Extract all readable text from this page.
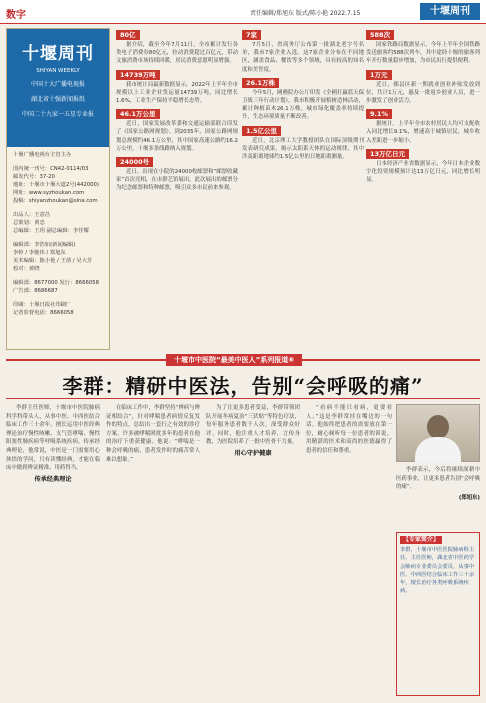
数字	责任编辑/郑旭东 版式/陈小艳 2022.7.15	十堰周刊
十堰周刊
SHIYAN WEEKLY
中国十大广播电视报
湖北省十强新闻报纸
中国二十九家一五星专业报
十堰广播电视台主管主办
国内统一刊号：CN42-0114/03
邮发代号：37-20
地址：十堰市十堰大道2号(442000)
网址：www.syzhoukan.com
投稿：shiyanzhoukan@sina.com
出品人：王意昌
总策划：黄忠
总编辑：王玥 副总编辑：李佳耀
编辑部：李浩如(新闻编辑)
李婷 / 李驰伟 / 郑旭东
美术编辑：陈小艳 / 王倩 / 吴大芳
校对：黄晓
编辑部：8677000 发行：8666058
广告部：8686687
印刷：十堰日报社印刷厂
记者监督电话：8666058
80亿

据介绍，截至今年7月11日，全市累计发行各类电子消费券80亿元，拉动消费超过百亿元，带动文旅消费市场持续回暖，居民消费意愿明显增强。

14739万吨

我市统计局最新数据显示，2022年上半年全市规模以上工业企业货运量14739万吨，同比增长1.6%，工业生产保持平稳增长态势。

46.1万公里

近日，国家发展改革委和交通运输部联合印发了《国家公路网规划》。到2035年，国家公路网规划总规模约46.1万公里，其中国家高速公路约16.2万公里，十堰多条线路纳入规划。

24000号

近日，出现在小院的24000枚邮票和“邮票收藏家”首次亮相，在市群艺馆展出。此次展出的邮票分为纪念邮票和特种邮票，吸引众多市民前来参观。

7家

7月5日，省商务厅公布第一批湖北老字号名单，我市7家企业入选。这7家企业分布在不同地区，涵盖食品、餐饮等多个领域，具有较高的知名度和美誉度。

26.1万株

今年5月，國務院办公厅印发《全國打赢蓝天保卫战三年行动计划》，我市积极开展植树造林活动，累计种植苗木26.1万株，城市绿化覆盖率持续提升，生态环境质量不断改善。

1.5亿公里

近日，北京理工大学教授团队在国际顶级期刊发表研究成果，揭示太阳系天体的运动规律，其中涉及距离地球约1.5亿公里的日地距离测量。

588次

国家铁路局数据显示，今年上半年全国铁路发送旅客约588次列车，其中途经十堰的旅客列车开行数量稳步增加，为市民出行提供便利。

1万元

近日，郧县区新一期就业创业补贴发放到位，共计1万元，惠及一批返乡创业人员，进一步激发了创业活力。

9.1%

据统计，上半年全市农村居民人均可支配收入同比增长9.1%，增速高于城镇居民，城乡收入差距进一步缩小。

13万亿日元

日本经济产业省数据显示，今年日本企业数字化投资规模预计达13万亿日元，同比增长明显。

十堰市中医院“最美中医人”系列报道⑥
李群：精研中医法，告别“会呼吸的痛”

李群主任医师，十堰市中医院肺病科学科带头人，从事中医、中西医结合临床工作三十余年，擅长运用中医经典理论治疗慢性咳嗽、支气管哮喘、慢性阻塞性肺疾病等呼吸系统疾病。传承经典理论，他常说，中医是一门需要用心体悟的学问，只有读懂经典，才能在临床中做到辨证精准、用药得当。

传承经典理论

在临床工作中，李群坚持“辨病与辨证相结合”，针对哮喘患者病情反复发作的特点，总结出一套行之有效的诊疗方案，许多被哮喘困扰多年的患者在他的治疗下重获健康。他说：“哮喘是一种会呼吸的痛，患者发作时的痛苦常人难以想象。”

为了让更多患者受益，李群带领团队开展冬病夏治“三伏贴”等特色疗法，每年服务患者数千人次，深受群众好评。同时，他注重人才培养，言传身教，为医院培养了一批中医骨干力量。

用心守护健康

“看病不能只看病，更要看人。”这是李群常挂在嘴边的一句话。他始终把患者的需要放在第一位，耐心倾听每一位患者的诉说，用精湛的医术和高尚的医德赢得了患者的信任和尊重。

李群表示，今后将继续深耕中医药事业，让更多患者告别“会呼吸的痛”。

(郑旭东)
【专家简介】

李群，十堰市中医医院肺病科主任、主任医师，湖北省中医药学会肺病专业委员会委员，从事中医、中西医结合临床工作三十余年，擅长治疗各类呼吸系统疾病。
